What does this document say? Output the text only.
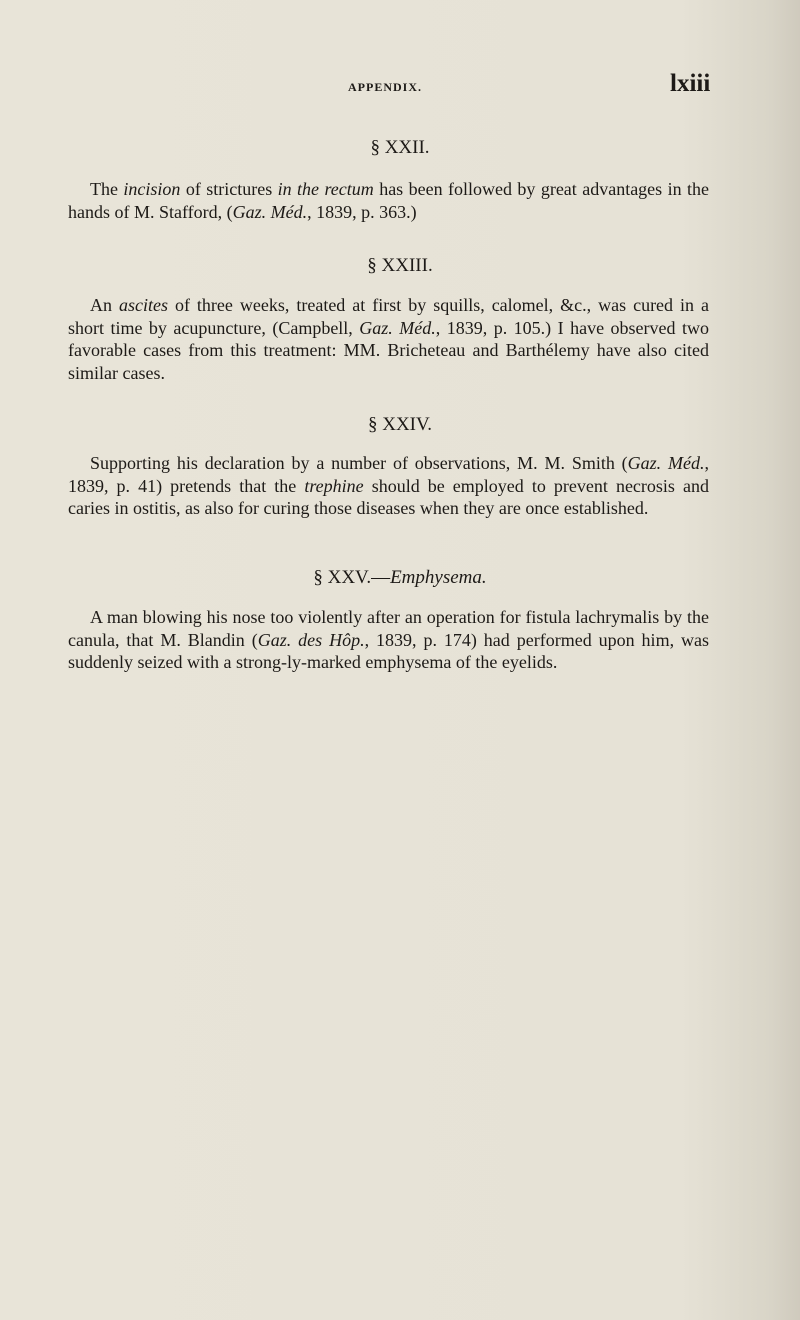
APPENDIX.	lxiii
§ XXII.

The incision of strictures in the rectum has been followed by great advantages in the hands of M. Stafford, (Gaz. Méd., 1839, p. 363.)

§ XXIII.

An ascites of three weeks, treated at first by squills, calomel, &c., was cured in a short time by acupuncture, (Campbell, Gaz. Méd., 1839, p. 105.) I have observed two favorable cases from this treatment: MM. Bricheteau and Barthélemy have also cited similar cases.

§ XXIV.

Supporting his declaration by a number of observations, M. M. Smith (Gaz. Méd., 1839, p. 41) pretends that the trephine should be employed to prevent necrosis and caries in ostitis, as also for curing those diseases when they are once established.

§ XXV.—Emphysema.

A man blowing his nose too violently after an operation for fistula lachrymalis by the canula, that M. Blandin (Gaz. des Hôp., 1839, p. 174) had performed upon him, was suddenly seized with a strong-ly-marked emphysema of the eyelids.
